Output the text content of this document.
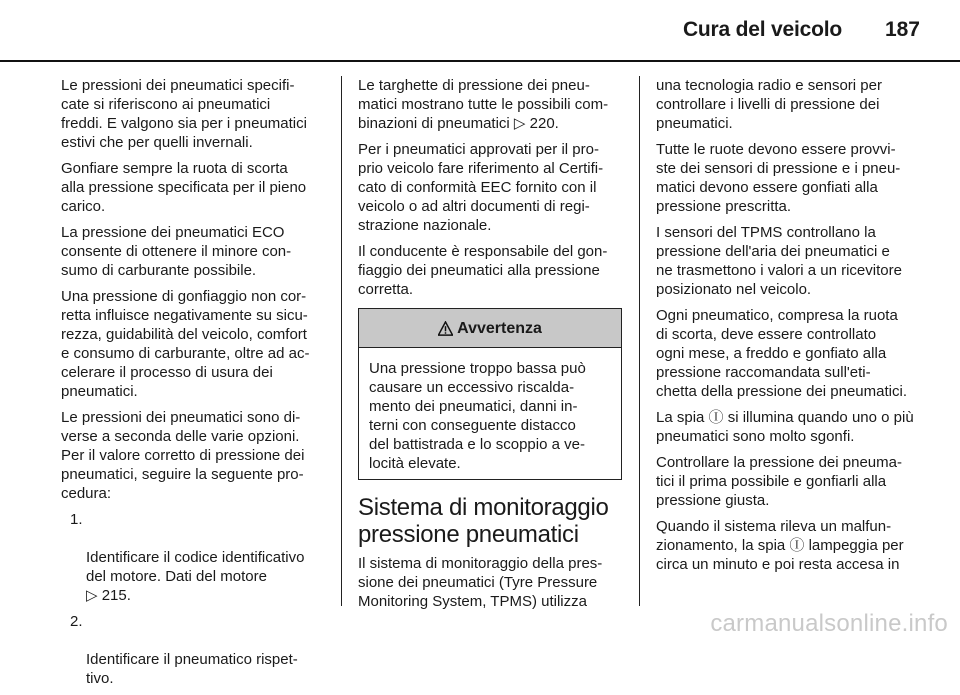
Cura del veicolo 187

Le pressioni dei pneumatici specifi-
cate si riferiscono ai pneumatici
freddi. E valgono sia per i pneumatici
estivi che per quelli invernali.

Gonfiare sempre la ruota di scorta
alla pressione specificata per il pieno
carico.

La pressione dei pneumatici ECO
consente di ottenere il minore con-
sumo di carburante possibile.

Una pressione di gonfiaggio non cor-
retta influisce negativamente su sicu-
rezza, guidabilità del veicolo, comfort
e consumo di carburante, oltre ad ac-
celerare il processo di usura dei
pneumatici.

Le pressioni dei pneumatici sono di-
verse a seconda delle varie opzioni.
Per il valore corretto di pressione dei
pneumatici, seguire la seguente pro-
cedura:

1.

Identificare il codice identificativo
del motore. Dati del motore
▷ 215.

2.

Identificare il pneumatico rispet-
tivo.

Le targhette di pressione dei pneu-
matici mostrano tutte le possibili com-
binazioni di pneumatici ▷ 220.

Per i pneumatici approvati per il pro-
prio veicolo fare riferimento al Certifi-
cato di conformità EEC fornito con il
veicolo o ad altri documenti di regi-
strazione nazionale.

Il conducente è responsabile del gon-
fiaggio dei pneumatici alla pressione
corretta.

Avvertenza
Una pressione troppo bassa può
causare un eccessivo riscalda-
mento dei pneumatici, danni in-
terni con conseguente distacco
del battistrada e lo scoppio a ve-
locità elevate.
Sistema di monitoraggio
pressione pneumatici

Il sistema di monitoraggio della pres-
sione dei pneumatici (Tyre Pressure
Monitoring System, TPMS) utilizza

una tecnologia radio e sensori per
controllare i livelli di pressione dei
pneumatici.

Tutte le ruote devono essere provvi-
ste dei sensori di pressione e i pneu-
matici devono essere gonfiati alla
pressione prescritta.

I sensori del TPMS controllano la
pressione dell'aria dei pneumatici e
ne trasmettono i valori a un ricevitore
posizionato nel veicolo.

Ogni pneumatico, compresa la ruota
di scorta, deve essere controllato
ogni mese, a freddo e gonfiato alla
pressione raccomandata sull'eti-
chetta della pressione dei pneumatici.

La spia Ⓘ si illumina quando uno o più
pneumatici sono molto sgonfi.

Controllare la pressione dei pneuma-
tici il prima possibile e gonfiarli alla
pressione giusta.

Quando il sistema rileva un malfun-
zionamento, la spia Ⓘ lampeggia per
circa un minuto e poi resta accesa in

carmanualsonline.info
